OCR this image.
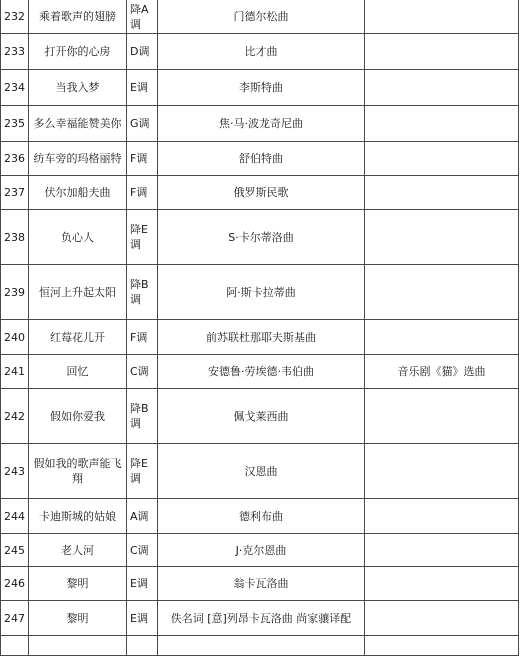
232	乘着歌声的翅膀	降A调	门德尔松曲	
233	打开你的心房	D调	比才曲	
234	当我入梦	E调	李斯特曲	
235	多么幸福能赞美你	G调	焦·马·波龙奇尼曲	
236	纺车旁的玛格丽特	F调	舒伯特曲	
237	伏尔加船夫曲	F调	俄罗斯民歌	
238	负心人	降E调	S·卡尔蒂洛曲	
239	恒河上升起太阳	降B调	阿·斯卡拉蒂曲	
240	红莓花儿开	F调	前苏联杜那耶夫斯基曲	
241	回忆	C调	安德鲁·劳埃德·韦伯曲	音乐剧《猫》选曲
242	假如你爱我	降B调	佩戈莱西曲	
243	假如我的歌声能飞翔	降E调	汉恩曲	
244	卡迪斯城的姑娘	A调	德利布曲	
245	老人河	C调	J·克尔恩曲	
246	黎明	E调	翁卡瓦洛曲	
247	黎明	E调	佚名词 [意]列昂卡瓦洛曲 尚家骧译配	
